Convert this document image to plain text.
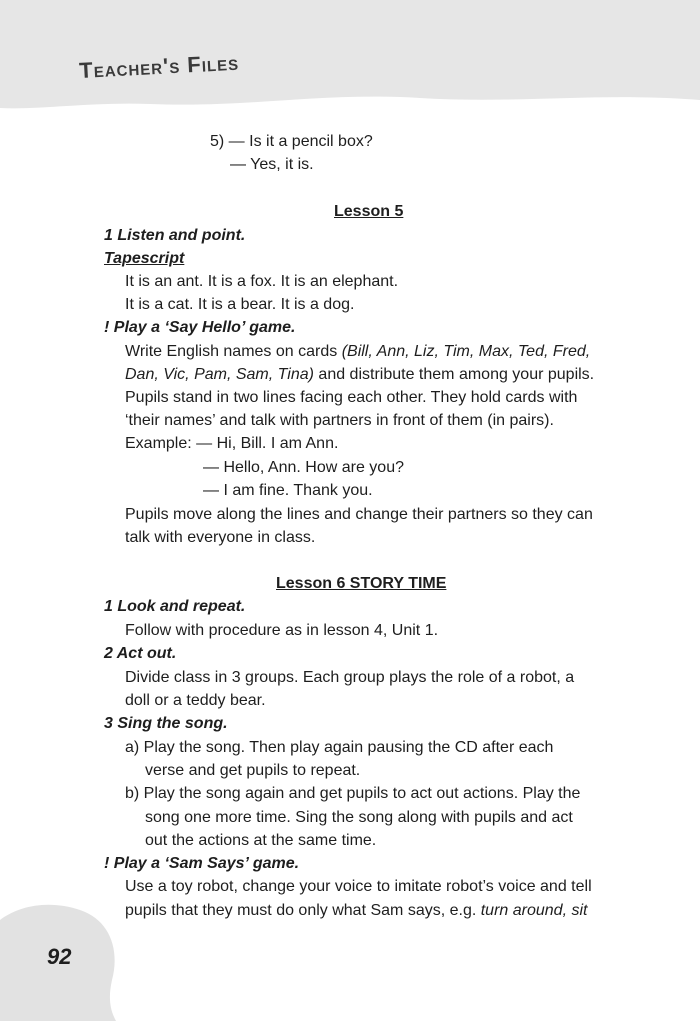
Teacher's Files
92
5) — Is it a pencil box?
— Yes, it is.
Lesson 5
1 Listen and point.
Tapescript
It is an ant. It is a fox. It is an elephant.
It is a cat. It is a bear. It is a dog.
! Play a ‘Say Hello’ game.
Write English names on cards (Bill, Ann, Liz, Tim, Max, Ted, Fred,
Dan, Vic, Pam, Sam, Tina) and distribute them among your pupils.
Pupils stand in two lines facing each other. They hold cards with
‘their names’ and talk with partners in front of them (in pairs).
Example: — Hi, Bill. I am Ann.
— Hello, Ann. How are you?
— I am fine. Thank you.
Pupils move along the lines and change their partners so they can
talk with everyone in class.
Lesson 6 STORY TIME
1 Look and repeat.
Follow with procedure as in lesson 4, Unit 1.
2 Act out.
Divide class in 3 groups. Each group plays the role of a robot, a
doll or a teddy bear.
3 Sing the song.
a) Play the song. Then play again pausing the CD after each
verse and get pupils to repeat.
b) Play the song again and get pupils to act out actions. Play the
song one more time. Sing the song along with pupils and act
out the actions at the same time.
! Play a ‘Sam Says’ game.
Use a toy robot, change your voice to imitate robot’s voice and tell
pupils that they must do only what Sam says, e.g. turn around, sit
